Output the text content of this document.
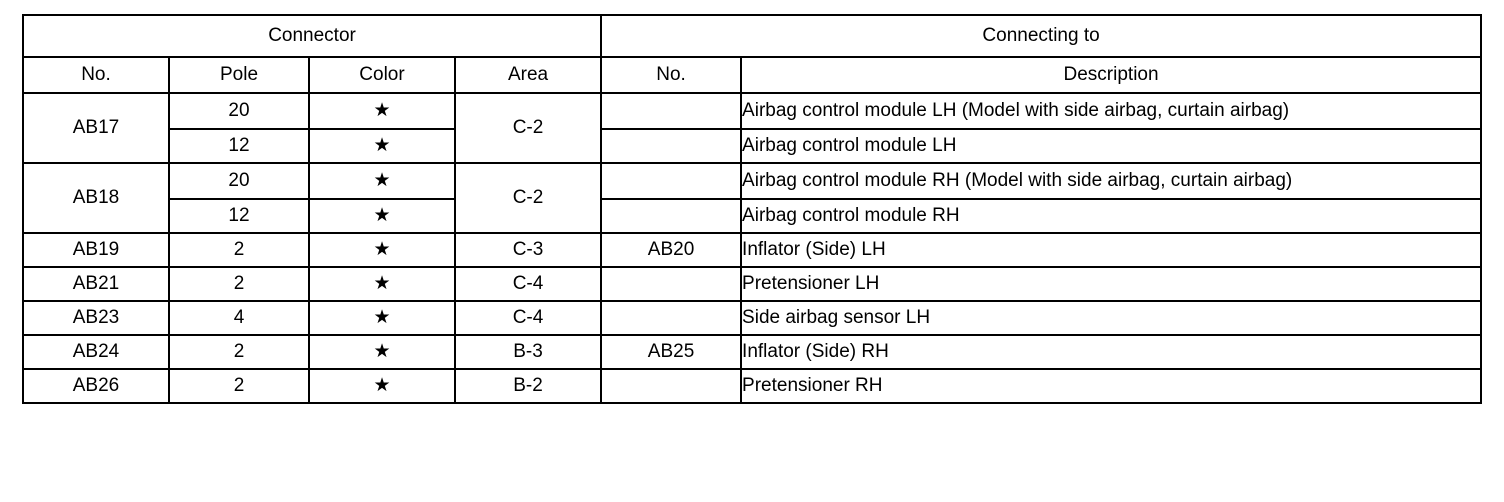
Connector				Connecting to	
No.	Pole	Color	Area	No.	Description
AB17	20	★	C-2		Airbag control module LH (Model with side airbag, curtain airbag)
	12	★			Airbag control module LH
AB18	20	★	C-2		Airbag control module RH (Model with side airbag, curtain airbag)
	12	★			Airbag control module RH
AB19	2	★	C-3	AB20	Inflator (Side) LH
AB21	2	★	C-4		Pretensioner LH
AB23	4	★	C-4		Side airbag sensor LH
AB24	2	★	B-3	AB25	Inflator (Side) RH
AB26	2	★	B-2		Pretensioner RH
